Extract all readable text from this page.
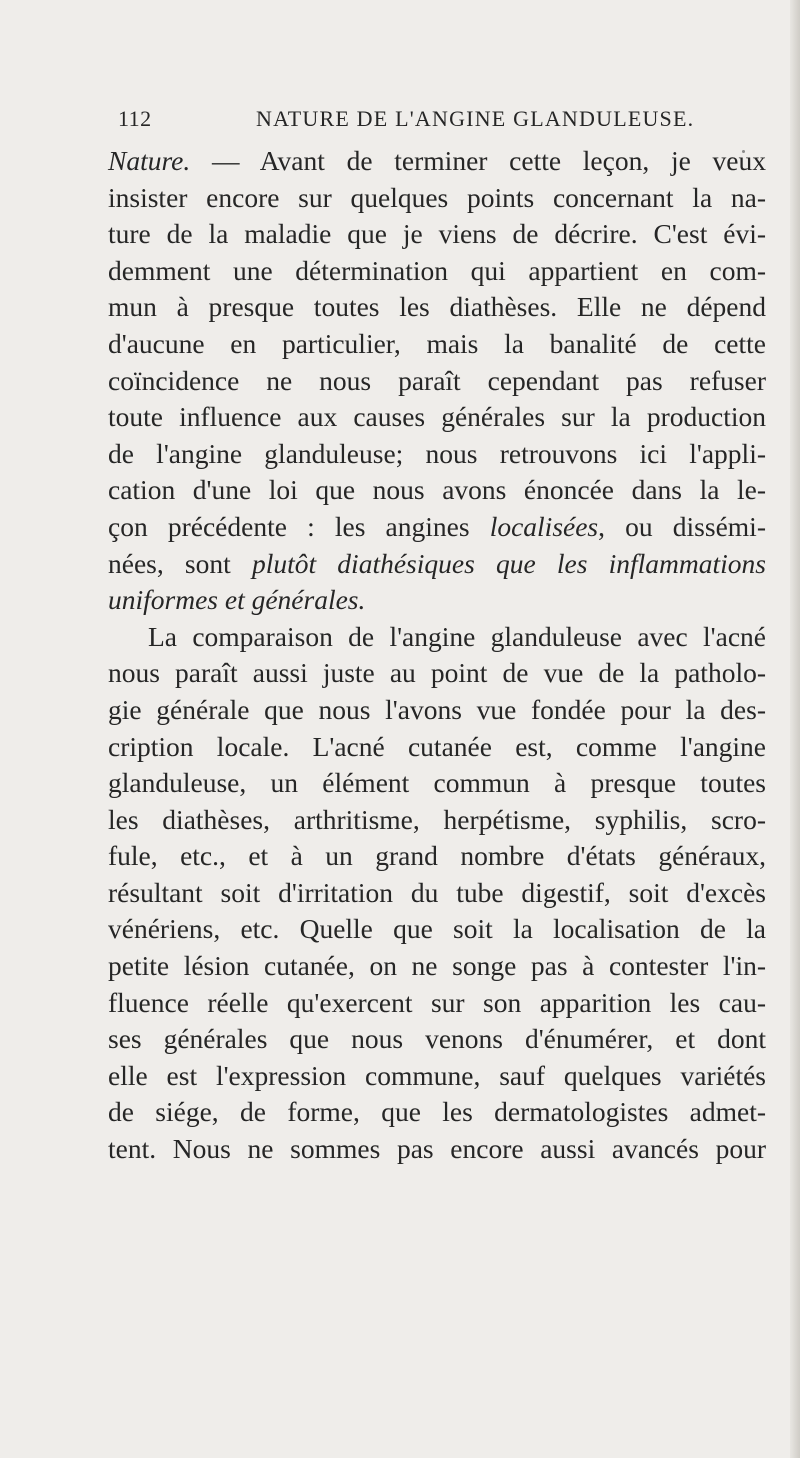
112	NATURE DE L'ANGINE GLANDULEUSE.
Nature. — Avant de terminer cette leçon, je veux
insister encore sur quelques points concernant la na-
ture de la maladie que je viens de décrire. C'est évi-
demment une détermination qui appartient en com-
mun à presque toutes les diathèses. Elle ne dépend
d'aucune en particulier, mais la banalité de cette
coïncidence ne nous paraît cependant pas refuser
toute influence aux causes générales sur la production
de l'angine glanduleuse; nous retrouvons ici l'appli-
cation d'une loi que nous avons énoncée dans la le-
çon précédente : les angines localisées, ou dissémi-
nées, sont plutôt diathésiques que les inflammations
uniformes et générales.
La comparaison de l'angine glanduleuse avec l'acné
nous paraît aussi juste au point de vue de la patholo-
gie générale que nous l'avons vue fondée pour la des-
cription locale. L'acné cutanée est, comme l'angine
glanduleuse, un élément commun à presque toutes
les diathèses, arthritisme, herpétisme, syphilis, scro-
fule, etc., et à un grand nombre d'états généraux,
résultant soit d'irritation du tube digestif, soit d'excès
vénériens, etc. Quelle que soit la localisation de la
petite lésion cutanée, on ne songe pas à contester l'in-
fluence réelle qu'exercent sur son apparition les cau-
ses générales que nous venons d'énumérer, et dont
elle est l'expression commune, sauf quelques variétés
de siége, de forme, que les dermatologistes admet-
tent. Nous ne sommes pas encore aussi avancés pour
